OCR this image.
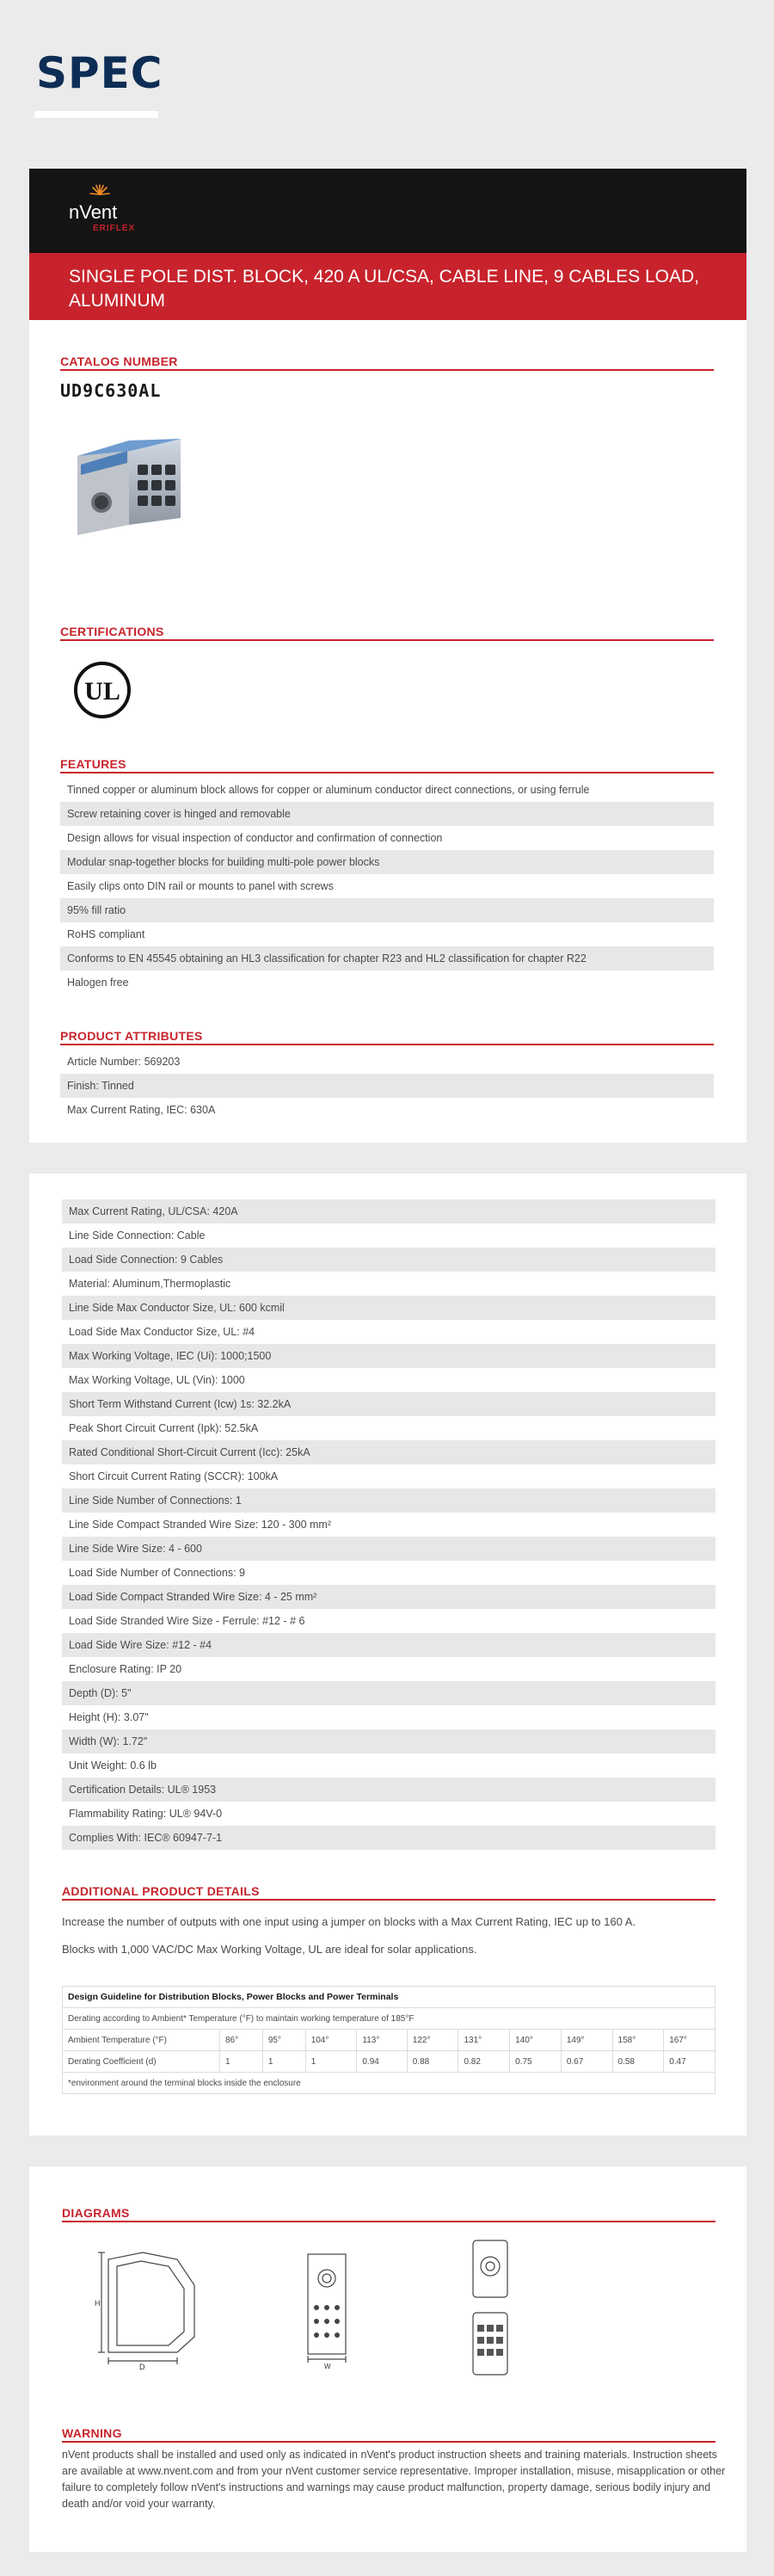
SPEC
nVent
ERIFLEX
SINGLE POLE DIST. BLOCK, 420 A UL/CSA, CABLE LINE, 9 CABLES LOAD, ALUMINUM
CATALOG NUMBER
UD9C630AL
CERTIFICATIONS
UL
FEATURES
Tinned copper or aluminum block allows for copper or aluminum conductor direct connections, or using ferrule
Screw retaining cover is hinged and removable
Design allows for visual inspection of conductor and confirmation of connection
Modular snap-together blocks for building multi-pole power blocks
Easily clips onto DIN rail or mounts to panel with screws
95% fill ratio
RoHS compliant
Conforms to EN 45545 obtaining an HL3 classification for chapter R23 and HL2 classification for chapter R22
Halogen free
PRODUCT ATTRIBUTES
Article Number: 569203
Finish: Tinned
Max Current Rating, IEC: 630A
Max Current Rating, UL/CSA: 420A
Line Side Connection: Cable
Load Side Connection: 9 Cables
Material: Aluminum,Thermoplastic
Line Side Max Conductor Size, UL: 600 kcmil
Load Side Max Conductor Size, UL: #4
Max Working Voltage, IEC (Ui): 1000;1500
Max Working Voltage, UL (Vin): 1000
Short Term Withstand Current (Icw) 1s: 32.2kA
Peak Short Circuit Current (Ipk): 52.5kA
Rated Conditional Short-Circuit Current (Icc): 25kA
Short Circuit Current Rating (SCCR): 100kA
Line Side Number of Connections: 1
Line Side Compact Stranded Wire Size: 120 - 300 mm²
Line Side Wire Size: 4 - 600
Load Side Number of Connections: 9
Load Side Compact Stranded Wire Size: 4 - 25 mm²
Load Side Stranded Wire Size - Ferrule: #12 - # 6
Load Side Wire Size: #12 - #4
Enclosure Rating: IP 20
Depth (D): 5"
Height (H): 3.07"
Width (W): 1.72"
Unit Weight: 0.6 lb
Certification Details: UL® 1953
Flammability Rating: UL® 94V-0
Complies With: IEC® 60947-7-1
ADDITIONAL PRODUCT DETAILS
Increase the number of outputs with one input using a jumper on blocks with a Max Current Rating, IEC up to 160 A.
Blocks with 1,000 VAC/DC Max Working Voltage, UL are ideal for solar applications.
Design Guideline for Distribution Blocks, Power Blocks and Power Terminals										
Derating according to Ambient* Temperature (°F) to maintain working temperature of 185°F										
Ambient Temperature (°F)	86°	95°	104°	113°	122°	131°	140°	149°	158°	167°
Derating Coefficient (d)	1	1	1	0.94	0.88	0.82	0.75	0.67	0.58	0.47
*environment around the terminal blocks inside the enclosure										
DIAGRAMS
H
D	W
WARNING
nVent products shall be installed and used only as indicated in nVent's product instruction sheets and training materials. Instruction sheets are available at www.nvent.com and from your nVent customer service representative. Improper installation, misuse, misapplication or other failure to completely follow nVent's instructions and warnings may cause product malfunction, property damage, serious bodily injury and death and/or void your warranty.
